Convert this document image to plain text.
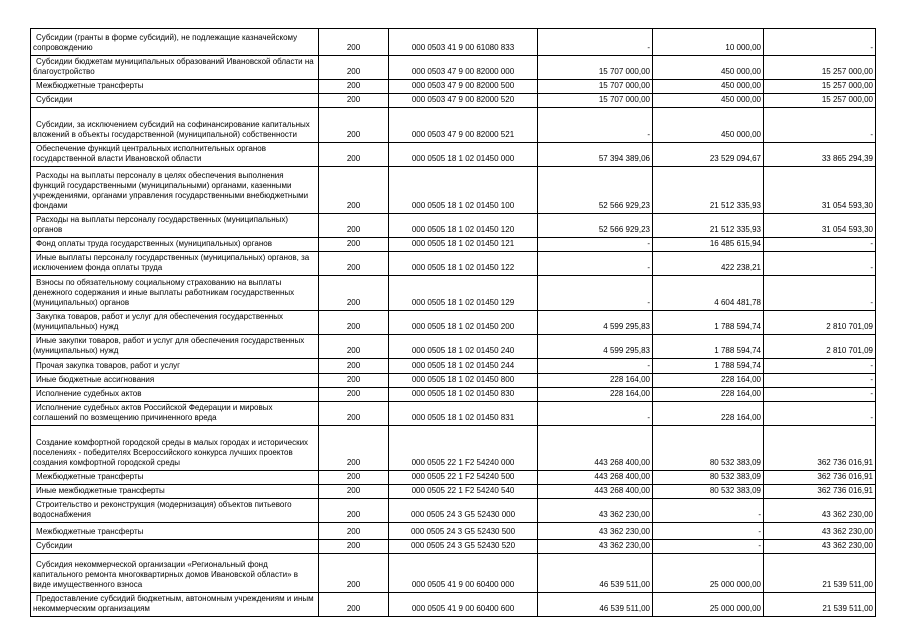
Субсидии (гранты в форме субсидий), не подлежащие казначейскому сопровождению	200	000 0503 41 9 00 61080 833	-	10 000,00	-
Субсидии бюджетам муниципальных образований Ивановской области на благоустройство	200	000 0503 47 9 00 82000 000	15 707 000,00	450 000,00	15 257 000,00
Межбюджетные трансферты	200	000 0503 47 9 00 82000 500	15 707 000,00	450 000,00	15 257 000,00
Субсидии	200	000 0503 47 9 00 82000 520	15 707 000,00	450 000,00	15 257 000,00
Субсидии, за исключением субсидий на софинансирование капитальных вложений в объекты государственной (муниципальной) собственности	200	000 0503 47 9 00 82000 521	-	450 000,00	-
Обеспечение функций центральных исполнительных органов государственной власти Ивановской области	200	000 0505 18 1 02 01450 000	57 394 389,06	23 529 094,67	33 865 294,39
Расходы на выплаты персоналу в целях обеспечения выполнения функций государственными (муниципальными) органами, казенными учреждениями, органами управления государственными внебюджетными фондами	200	000 0505 18 1 02 01450 100	52 566 929,23	21 512 335,93	31 054 593,30
Расходы на выплаты персоналу государственных (муниципальных) органов	200	000 0505 18 1 02 01450 120	52 566 929,23	21 512 335,93	31 054 593,30
Фонд оплаты труда государственных (муниципальных) органов	200	000 0505 18 1 02 01450 121	-	16 485 615,94	-
Иные выплаты персоналу государственных (муниципальных) органов, за исключением фонда оплаты труда	200	000 0505 18 1 02 01450 122	-	422 238,21	-
Взносы по обязательному социальному страхованию на выплаты денежного содержания и иные выплаты работникам государственных (муниципальных) органов	200	000 0505 18 1 02 01450 129	-	4 604 481,78	-
Закупка товаров, работ и услуг для обеспечения государственных (муниципальных) нужд	200	000 0505 18 1 02 01450 200	4 599 295,83	1 788 594,74	2 810 701,09
Иные закупки товаров, работ и услуг для обеспечения государственных (муниципальных) нужд	200	000 0505 18 1 02 01450 240	4 599 295,83	1 788 594,74	2 810 701,09
Прочая закупка товаров, работ и услуг	200	000 0505 18 1 02 01450 244	-	1 788 594,74	-
Иные бюджетные ассигнования	200	000 0505 18 1 02 01450 800	228 164,00	228 164,00	-
Исполнение судебных актов	200	000 0505 18 1 02 01450 830	228 164,00	228 164,00	-
Исполнение судебных актов Российской Федерации и мировых соглашений по возмещению причиненного вреда	200	000 0505 18 1 02 01450 831	-	228 164,00	-
Создание комфортной городской среды в малых городах и исторических поселениях - победителях Всероссийского конкурса лучших проектов создания комфортной городской среды	200	000 0505 22 1 F2 54240 000	443 268 400,00	80 532 383,09	362 736 016,91
Межбюджетные трансферты	200	000 0505 22 1 F2 54240 500	443 268 400,00	80 532 383,09	362 736 016,91
Иные межбюджетные трансферты	200	000 0505 22 1 F2 54240 540	443 268 400,00	80 532 383,09	362 736 016,91
Строительство и реконструкция (модернизация) объектов питьевого водоснабжения	200	000 0505 24 3 G5 52430 000	43 362 230,00	-	43 362 230,00
Межбюджетные трансферты	200	000 0505 24 3 G5 52430 500	43 362 230,00	-	43 362 230,00
Субсидии	200	000 0505 24 3 G5 52430 520	43 362 230,00	-	43 362 230,00
Субсидия некоммерческой организации «Региональный фонд капитального ремонта многоквартирных домов Ивановской области» в виде имущественного взноса	200	000 0505 41 9 00 60400 000	46 539 511,00	25 000 000,00	21 539 511,00
Предоставление субсидий бюджетным, автономным учреждениям и иным некоммерческим организациям	200	000 0505 41 9 00 60400 600	46 539 511,00	25 000 000,00	21 539 511,00
